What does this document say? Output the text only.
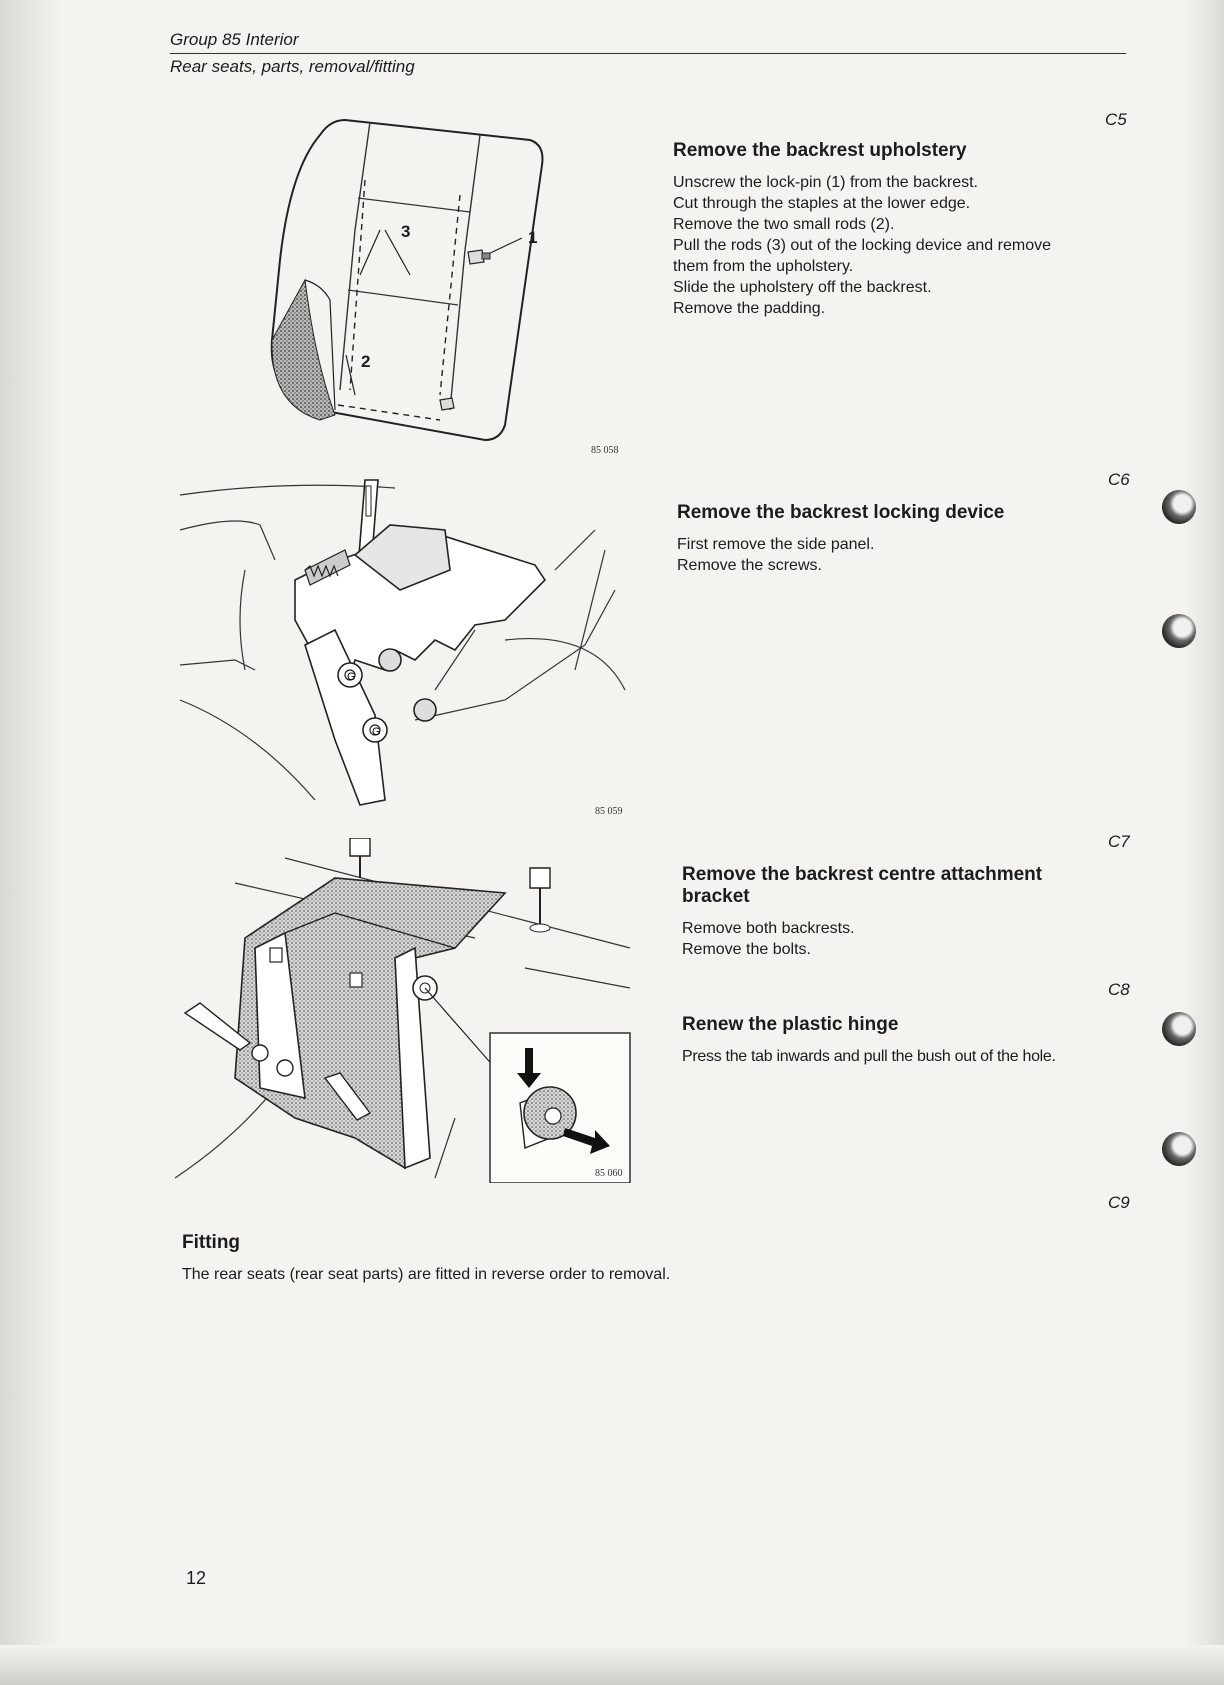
Group 85 Interior
Rear seats, parts, removal/fitting
1
2
3
85 058
C5
Remove the backrest upholstery
Unscrew the lock-pin (1) from the backrest.
Cut through the staples at the lower edge.
Remove the two small rods (2).
Pull the rods (3) out of the locking device and remove
them from the upholstery.
Slide the upholstery off the backrest.
Remove the padding.
G
G
85 059
C6
Remove the backrest locking device
First remove the side panel.
Remove the screws.
85 060
C7
Remove the backrest centre attachment bracket
Remove both backrests.
Remove the bolts.
C8
Renew the plastic hinge
Press the tab inwards and pull the bush out of the hole.
C9
Fitting
The rear seats (rear seat parts) are fitted in reverse order to removal.
12
